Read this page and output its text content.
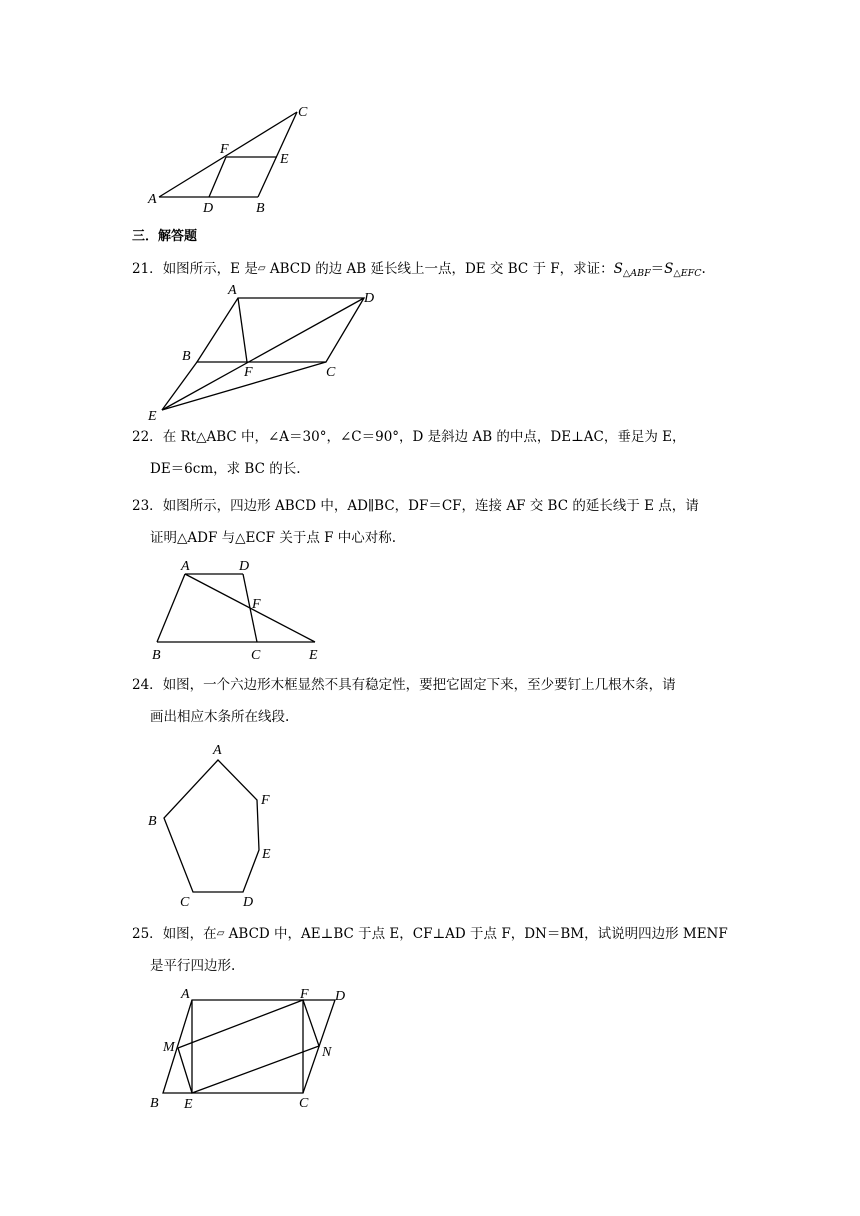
A
D	B
C
F
E
三．解答题
21．如图所示，E 是▱ ABCD 的边 AB 延长线上一点，DE 交 BC 于 F，求证：$S_{\triangle ABF}=S_{\triangle EFC}$.
A
D
B
F	C
E
22．在 Rt△ABC 中，∠A＝30°，∠C＝90°，D 是斜边 AB 的中点，DE⊥AC，垂足为 E，
DE＝6cm，求 BC 的长.
23．如图所示，四边形 ABCD 中，AD∥BC，DF＝CF，连接 AF 交 BC 的延长线于 E 点，请
证明△ADF 与△ECF 关于点 F 中心对称.
A	D
F
B	C	E
24．如图，一个六边形木框显然不具有稳定性，要把它固定下来，至少要钉上几根木条，请
画出相应木条所在线段.
A
F
B
E
C	D
25．如图，在▱ ABCD 中，AE⊥BC 于点 E，CF⊥AD 于点 F，DN＝BM，试说明四边形 MENF
是平行四边形.
A	F D
M	N
B E	C
